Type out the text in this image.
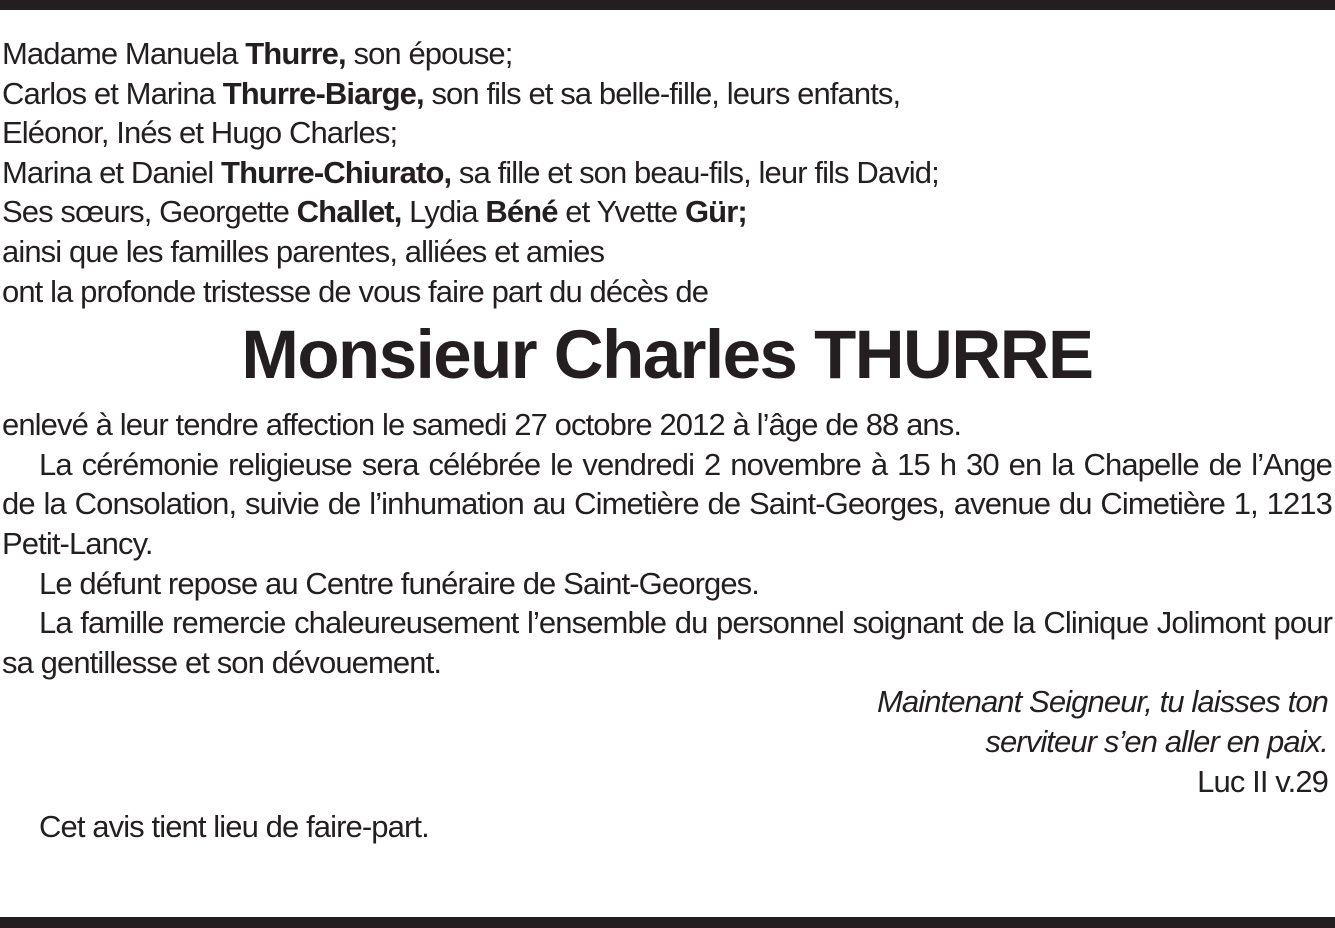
Madame Manuela Thurre, son épouse;
Carlos et Marina Thurre-Biarge, son fils et sa belle-fille, leurs enfants,
Eléonor, Inés et Hugo Charles;
Marina et Daniel Thurre-Chiurato, sa fille et son beau-fils, leur fils David;
Ses sœurs, Georgette Challet, Lydia Béné et Yvette Gür;
ainsi que les familles parentes, alliées et amies
ont la profonde tristesse de vous faire part du décès de
Monsieur Charles THURRE
enlevé à leur tendre affection le samedi 27 octobre 2012 à l’âge de 88 ans.
La cérémonie religieuse sera célébrée le vendredi 2 novembre à 15 h 30 en la Chapelle de l’Ange de la Consolation, suivie de l’inhumation au Cimetière de Saint-Georges, avenue du Cimetière 1, 1213 Petit-Lancy.
Le défunt repose au Centre funéraire de Saint-Georges.
La famille remercie chaleureusement l’ensemble du personnel soignant de la Clinique Jolimont pour sa gentillesse et son dévouement.
Maintenant Seigneur, tu laisses ton
serviteur s’en aller en paix.
Luc II v.29
Cet avis tient lieu de faire-part.
